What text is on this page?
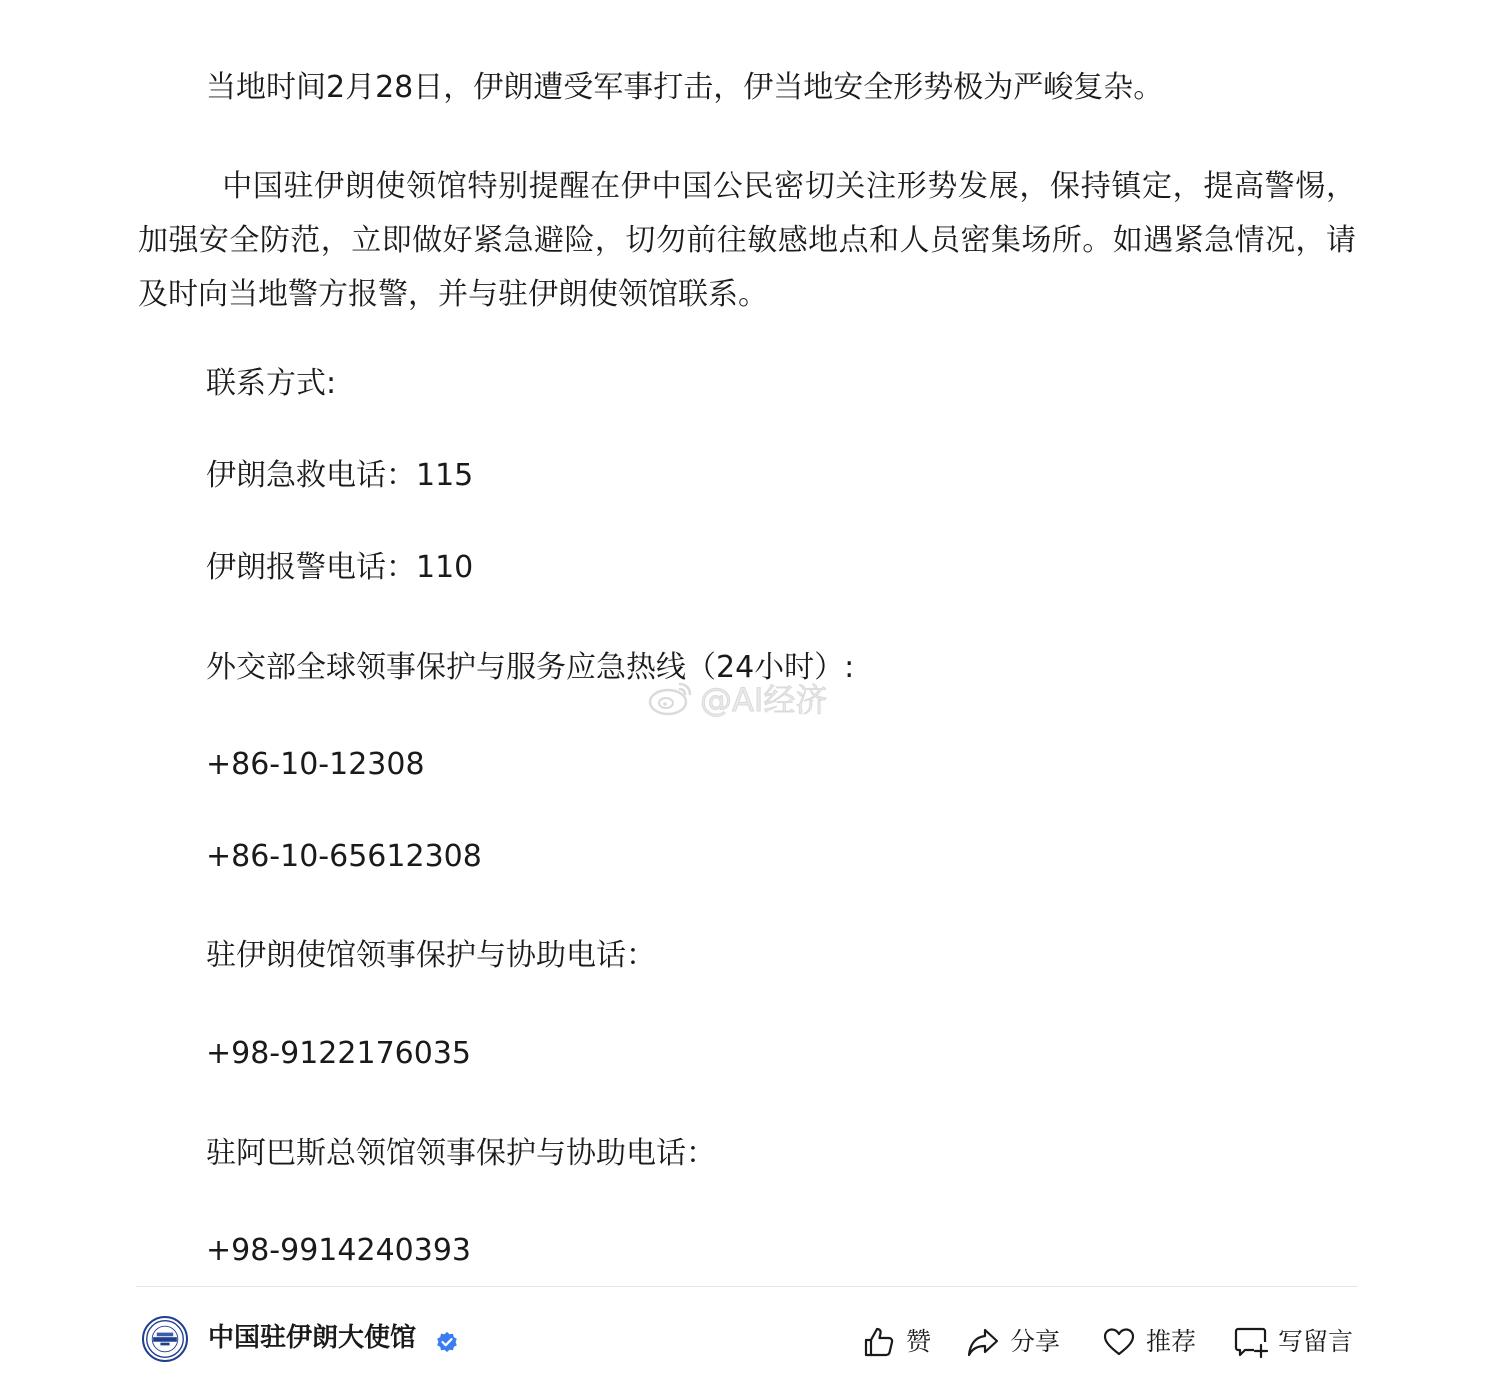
当地时间2月28日，伊朗遭受军事打击，伊当地安全形势极为严峻复杂。
中国驻伊朗使领馆特别提醒在伊中国公民密切关注形势发展，保持镇定，提高警惕，加强安全防范，立即做好紧急避险，切勿前往敏感地点和人员密集场所。如遇紧急情况，请及时向当地警方报警，并与驻伊朗使领馆联系。
联系方式:
伊朗急救电话：115
伊朗报警电话：110
外交部全球领事保护与服务应急热线（24小时）:
+86-10-12308
+86-10-65612308
驻伊朗使馆领事保护与协助电话：
+98-9122176035
驻阿巴斯总领馆领事保护与协助电话：
+98-9914240393
@AI经济
中国驻伊朗大使馆	赞	分享	推荐	写留言
